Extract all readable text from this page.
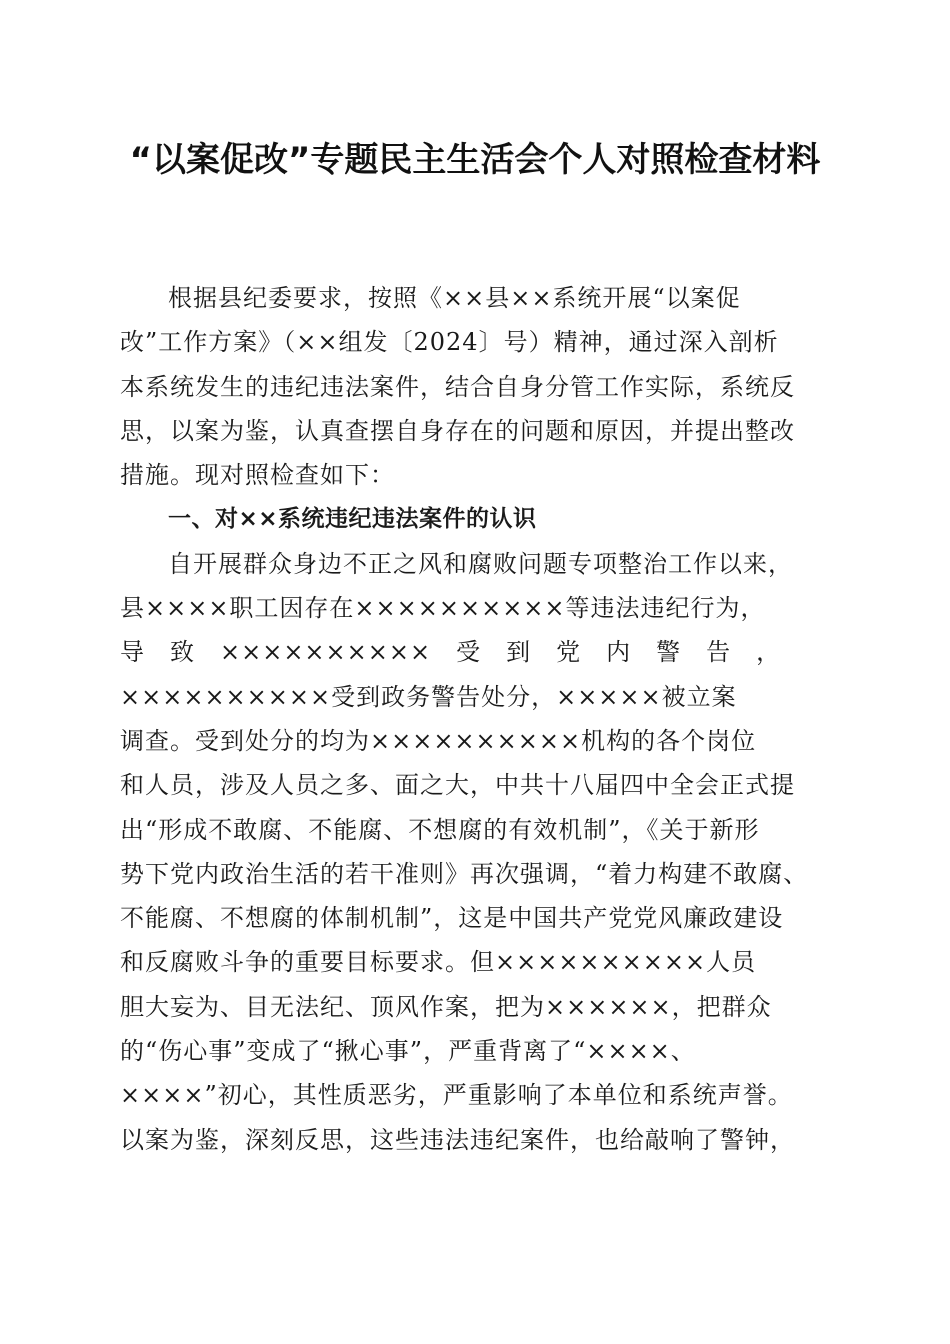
“以案促改”专题民主生活会个人对照检查材料
根据县纪委要求，按照《××县××系统开展“以案促
改”工作方案》（××组发〔2024〕号）精神，通过深入剖析
本系统发生的违纪违法案件，结合自身分管工作实际，系统反
思，以案为鉴，认真查摆自身存在的问题和原因，并提出整改
措施。现对照检查如下：
一、对××系统违纪违法案件的认识
自开展群众身边不正之风和腐败问题专项整治工作以来，
县××××职工因存在××××××××××等违法违纪行为，
导　致　××××××××××　受　到　党　内　警　告　，
××××××××××受到政务警告处分，×××××被立案
调查。受到处分的均为××××××××××机构的各个岗位
和人员，涉及人员之多、面之大，中共十八届四中全会正式提
出“形成不敢腐、不能腐、不想腐的有效机制”，《关于新形
势下党内政治生活的若干准则》再次强调，“着力构建不敢腐、
不能腐、不想腐的体制机制”，这是中国共产党党风廉政建设
和反腐败斗争的重要目标要求。但××××××××××人员
胆大妄为、目无法纪、顶风作案，把为××××××，把群众
的“伤心事”变成了“揪心事”，严重背离了“××××、
××××”初心，其性质恶劣，严重影响了本单位和系统声誉。
以案为鉴，深刻反思，这些违法违纪案件，也给敲响了警钟，
